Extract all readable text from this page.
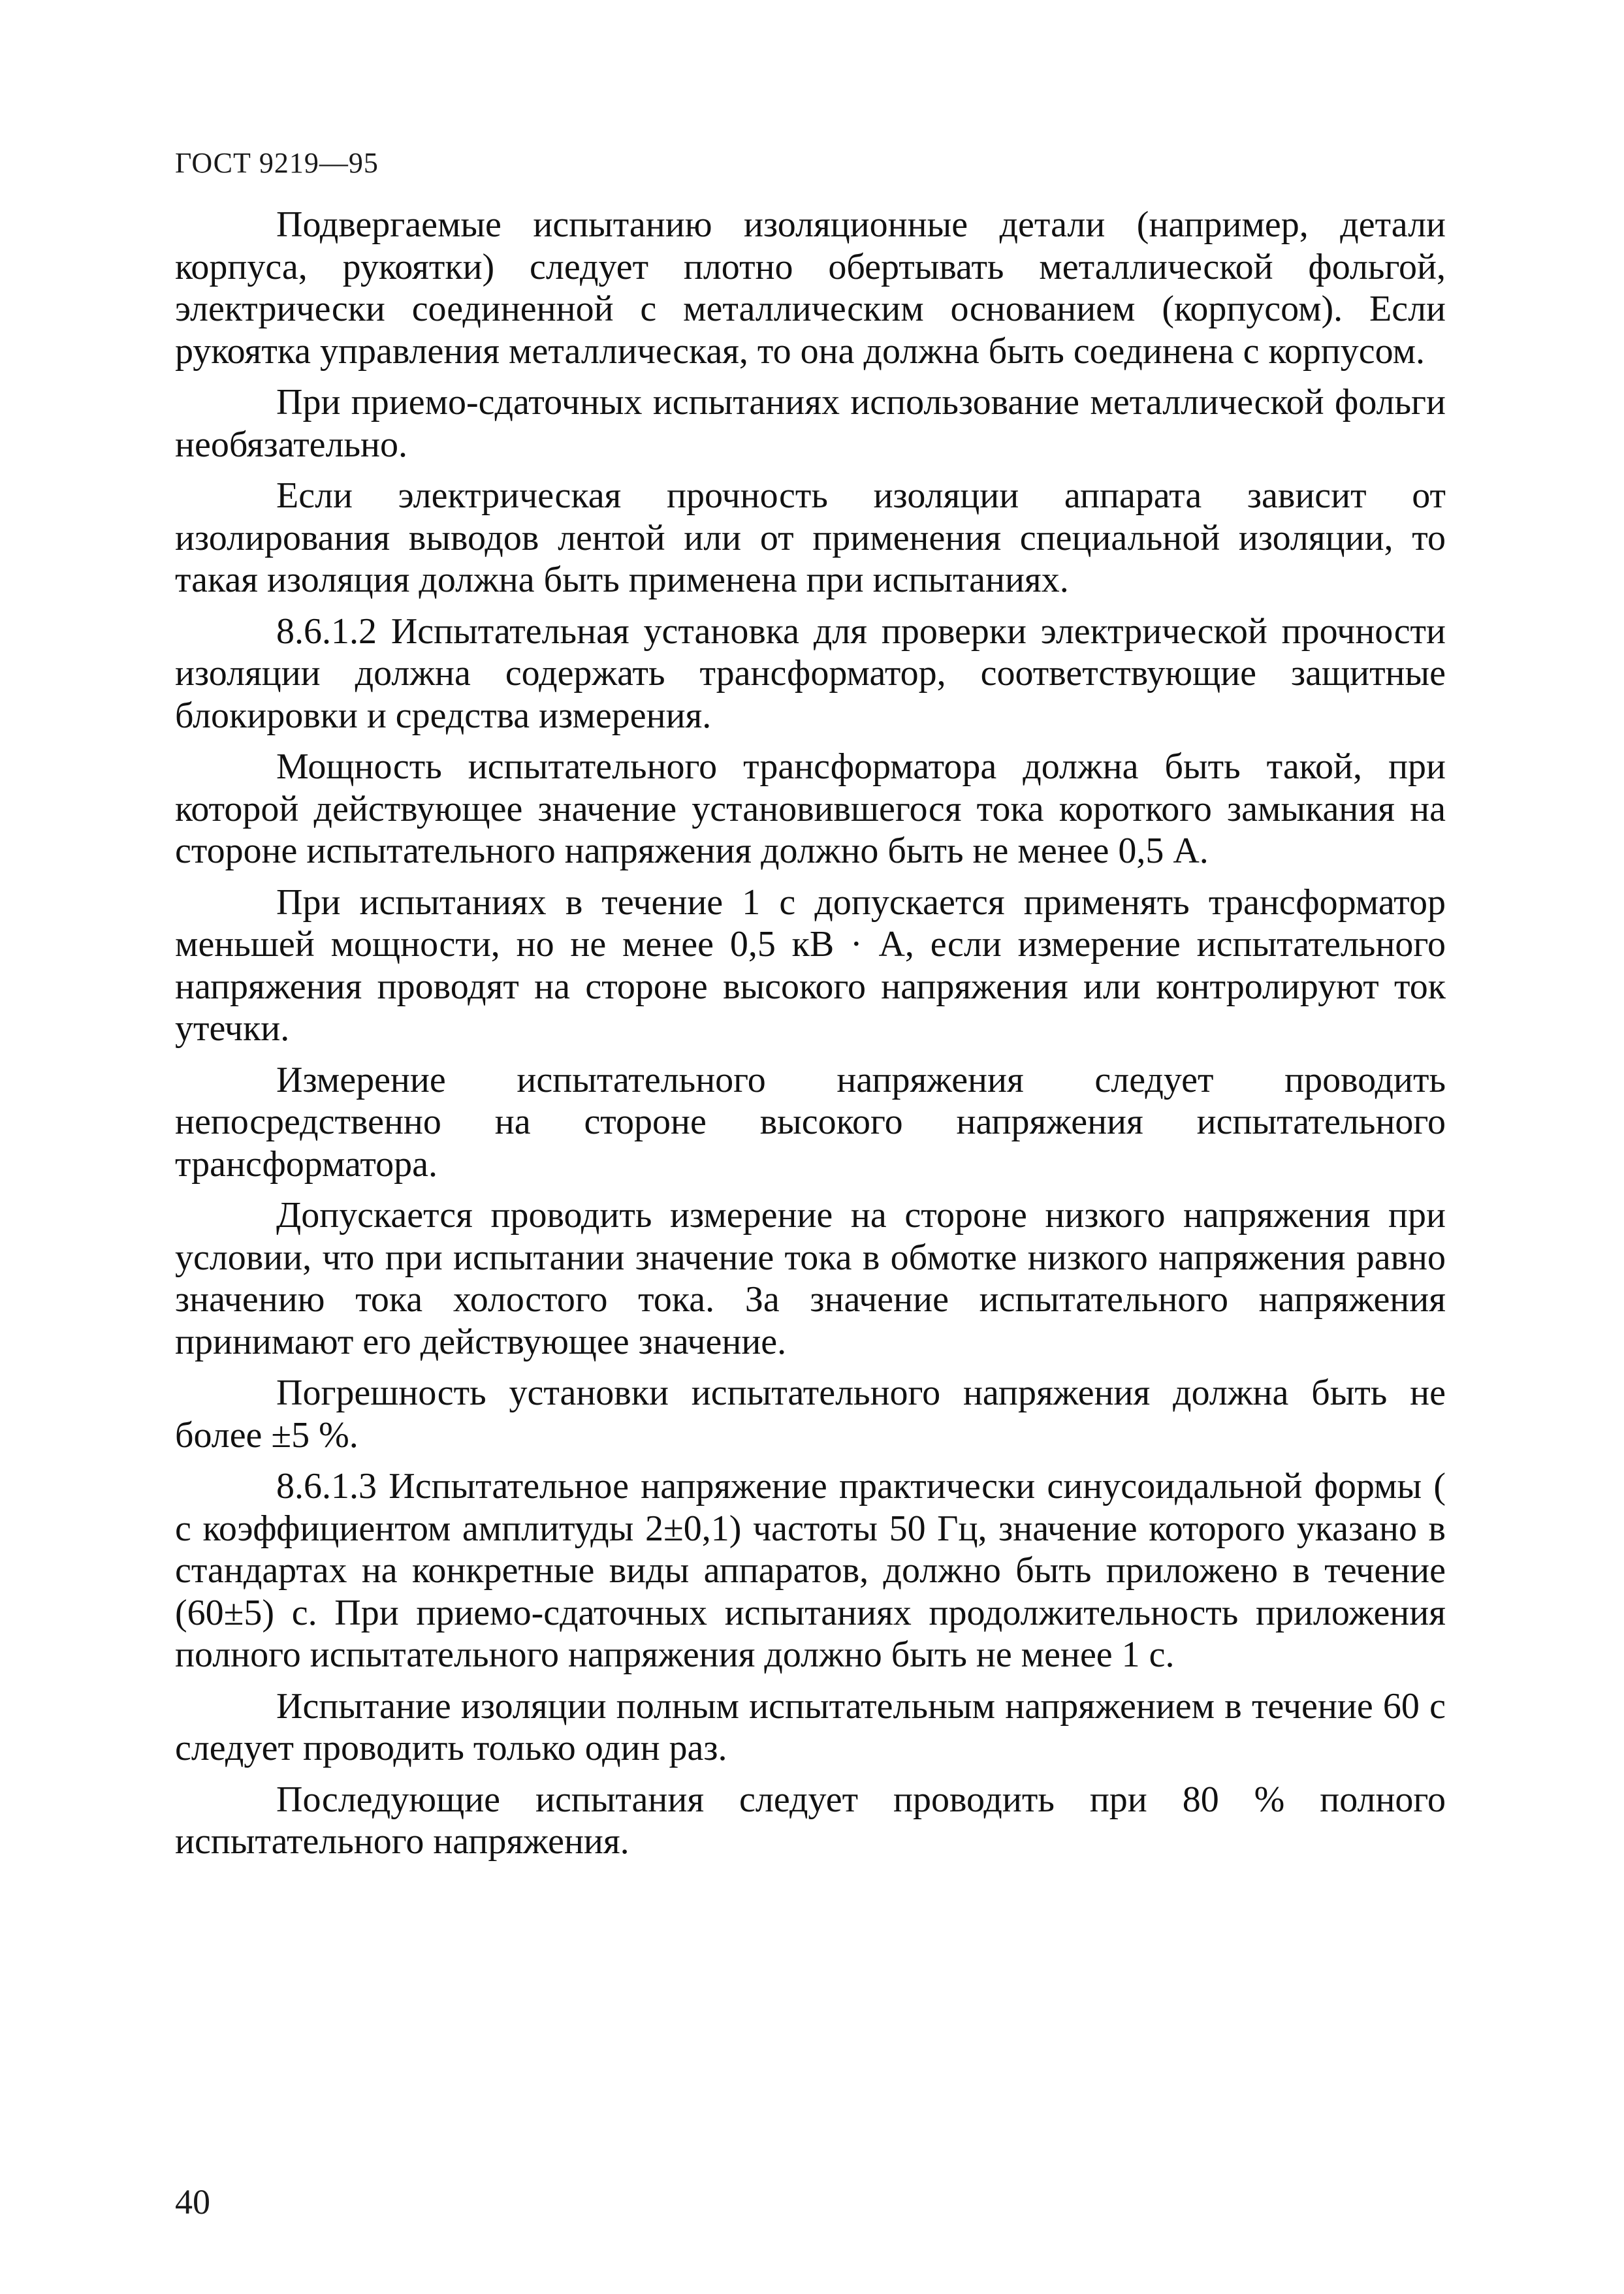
ГОСТ 9219—95

Подвергаемые испытанию изоляционные детали (например, детали корпуса, рукоятки) следует плотно обертывать металлической фольгой, электрически соединенной с металлическим основанием (корпусом). Если рукоятка управления металлическая, то она должна быть соединена с корпусом.

При приемо-сдаточных испытаниях использование металлической фольги необязательно.

Если электрическая прочность изоляции аппарата зависит от изолирования выводов лентой или от применения специальной изоляции, то такая изоляция должна быть применена при испытаниях.

8.6.1.2 Испытательная установка для проверки электрической прочности изоляции должна содержать трансформатор, соответствующие защитные блокировки и средства измерения.

Мощность испытательного трансформатора должна быть такой, при которой действующее значение установившегося тока короткого замыкания на стороне испытательного напряжения должно быть не менее 0,5 А.

При испытаниях в течение 1 с допускается применять трансформатор меньшей мощности, но не менее 0,5 кВ · А, если измерение испытательного напряжения проводят на стороне высокого напряжения или контролируют ток утечки.

Измерение испытательного напряжения следует проводить непосредственно на стороне высокого напряжения испытательного трансформатора.

Допускается проводить измерение на стороне низкого напряжения при условии, что при испытании значение тока в обмотке низкого напряжения равно значению тока холостого тока. За значение испытательного напряжения принимают его действующее значение.

Погрешность установки испытательного напряжения должна быть не более ±5 %.

8.6.1.3 Испытательное напряжение практически синусоидальной формы ( с коэффициентом амплитуды 2±0,1) частоты 50 Гц, значение которого указано в стандартах на конкретные виды аппаратов, должно быть приложено в течение (60±5) с. При приемо-сдаточных испытаниях продолжительность приложения полного испытательного напряжения должно быть не менее 1 с.

Испытание изоляции полным испытательным напряжением в течение 60 с следует проводить только один раз.

Последующие испытания следует проводить при 80 % полного испытательного напряжения.

40
